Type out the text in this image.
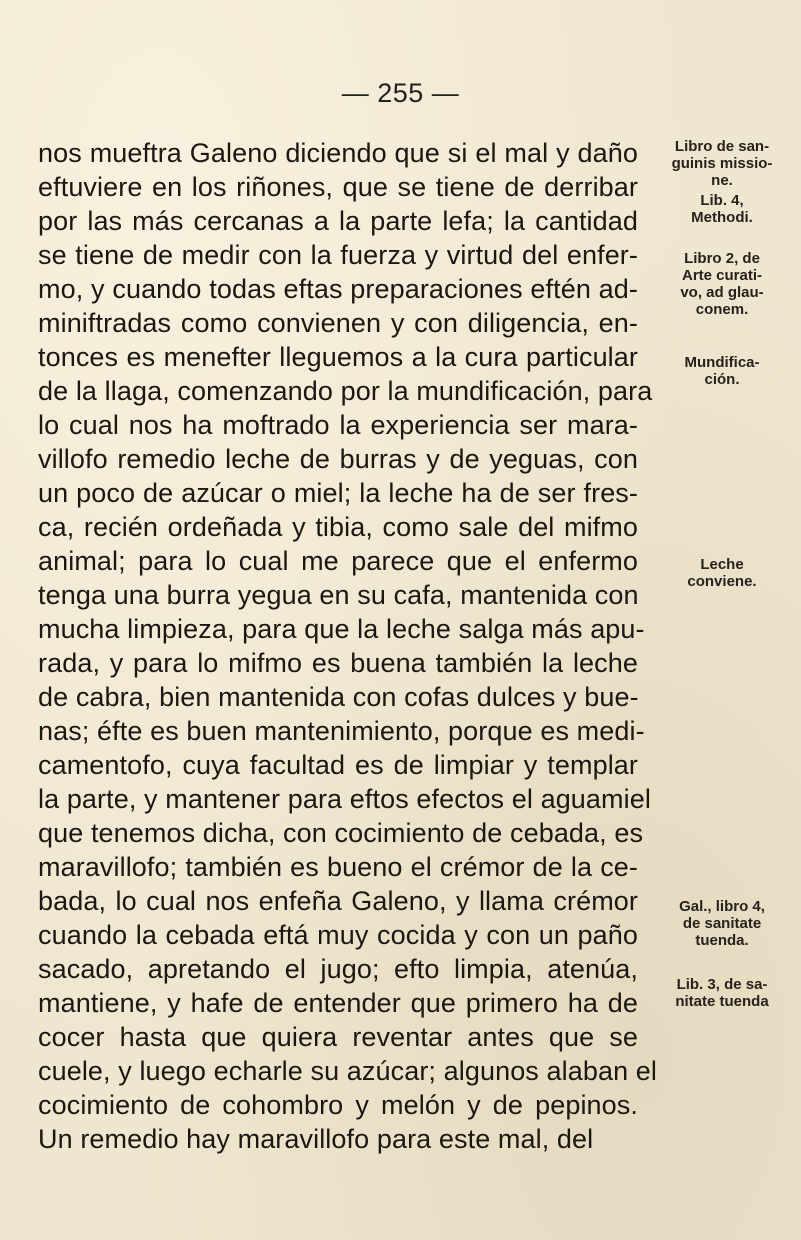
— 255 —
nos mueftra Galeno diciendo que si el mal y daño
eftuviere en los riñones, que se tiene de derribar
por las más cercanas a la parte lefa; la cantidad
se tiene de medir con la fuerza y virtud del enfer-
mo, y cuando todas eftas preparaciones eftén ad-
miniftradas como convienen y con diligencia, en-
tonces es menefter lleguemos a la cura particular
de la llaga, comenzando por la mundificación, para
lo cual nos ha moftrado la experiencia ser mara-
villofo remedio leche de burras y de yeguas, con
un poco de azúcar o miel; la leche ha de ser fres-
ca, recién ordeñada y tibia, como sale del mifmo
animal; para lo cual me parece que el enfermo
tenga una burra yegua en su cafa, mantenida con
mucha limpieza, para que la leche salga más apu-
rada, y para lo mifmo es buena también la leche
de cabra, bien mantenida con cofas dulces y bue-
nas; éfte es buen mantenimiento, porque es medi-
camentofo, cuya facultad es de limpiar y templar
la parte, y mantener para eftos efectos el aguamiel
que tenemos dicha, con cocimiento de cebada, es
maravillofo; también es bueno el crémor de la ce-
bada, lo cual nos enfeña Galeno, y llama crémor
cuando la cebada eftá muy cocida y con un paño
sacado, apretando el jugo; efto limpia, atenúa,
mantiene, y hafe de entender que primero ha de
cocer hasta que quiera reventar antes que se
cuele, y luego echarle su azúcar; algunos alaban el
cocimiento de cohombro y melón y de pepinos.
Un remedio hay maravillofo para este mal, del
Libro de san-
guinis missio-
ne.
Lib. 4,
Methodi.
Libro 2, de
Arte curati-
vo, ad glau-
conem.
Mundifica-
ción.
Leche
conviene.
Gal., libro 4,
de sanitate
tuenda.
Lib. 3, de sa-
nitate tuenda
